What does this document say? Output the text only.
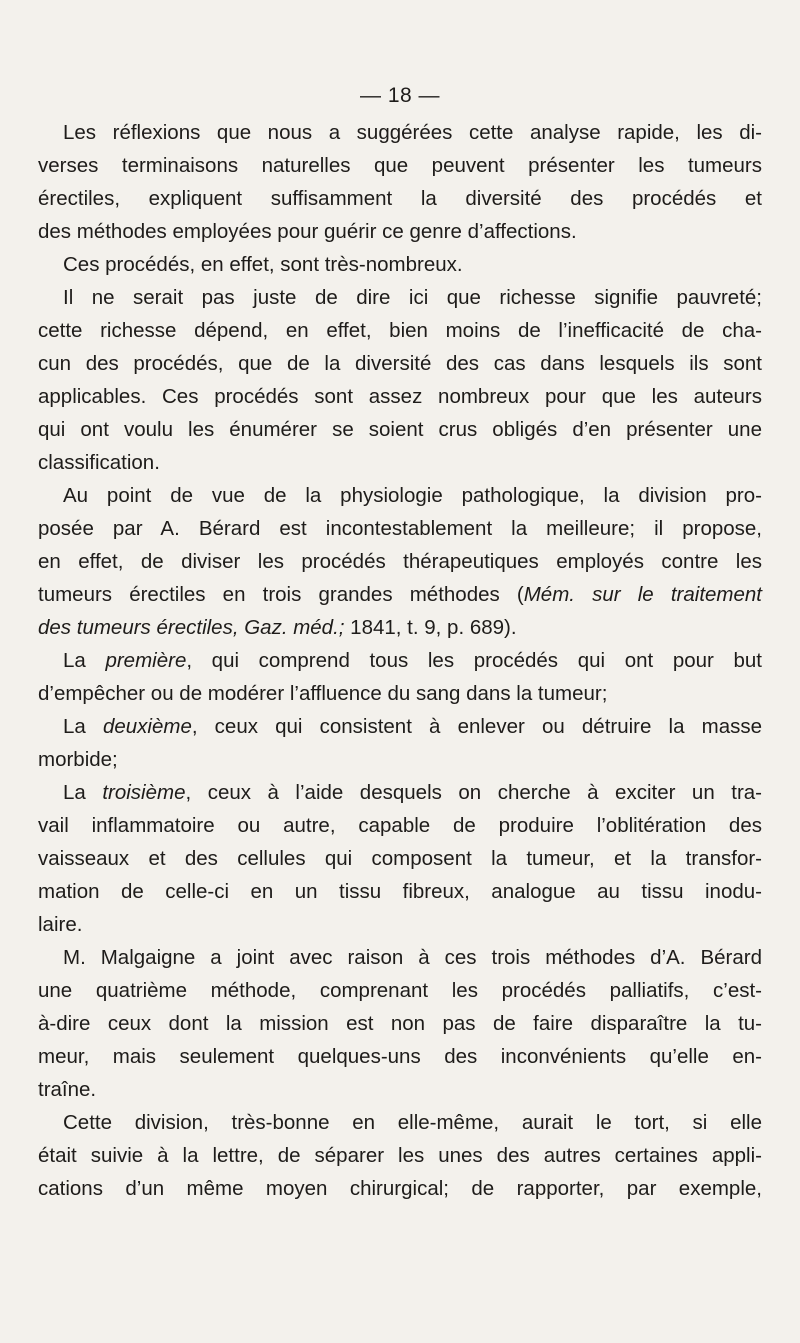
— 18 —
Les réflexions que nous a suggérées cette analyse rapide, les di-
verses terminaisons naturelles que peuvent présenter les tumeurs
érectiles, expliquent suffisamment la diversité des procédés et
des méthodes employées pour guérir ce genre d’affections.
Ces procédés, en effet, sont très-nombreux.
Il ne serait pas juste de dire ici que richesse signifie pauvreté;
cette richesse dépend, en effet, bien moins de l’inefficacité de cha-
cun des procédés, que de la diversité des cas dans lesquels ils sont
applicables. Ces procédés sont assez nombreux pour que les auteurs
qui ont voulu les énumérer se soient crus obligés d’en présenter une
classification.
Au point de vue de la physiologie pathologique, la division pro-
posée par A. Bérard est incontestablement la meilleure; il propose,
en effet, de diviser les procédés thérapeutiques employés contre les
tumeurs érectiles en trois grandes méthodes (Mém. sur le traitement
des tumeurs érectiles, Gaz. méd.; 1841, t. 9, p. 689).
La première, qui comprend tous les procédés qui ont pour but
d’empêcher ou de modérer l’affluence du sang dans la tumeur;
La deuxième, ceux qui consistent à enlever ou détruire la masse
morbide;
La troisième, ceux à l’aide desquels on cherche à exciter un tra-
vail inflammatoire ou autre, capable de produire l’oblitération des
vaisseaux et des cellules qui composent la tumeur, et la transfor-
mation de celle-ci en un tissu fibreux, analogue au tissu inodu-
laire.
M. Malgaigne a joint avec raison à ces trois méthodes d’A. Bérard
une quatrième méthode, comprenant les procédés palliatifs, c’est-
à-dire ceux dont la mission est non pas de faire disparaître la tu-
meur, mais seulement quelques-uns des inconvénients qu’elle en-
traîne.
Cette division, très-bonne en elle-même, aurait le tort, si elle
était suivie à la lettre, de séparer les unes des autres certaines appli-
cations d’un même moyen chirurgical; de rapporter, par exemple,
